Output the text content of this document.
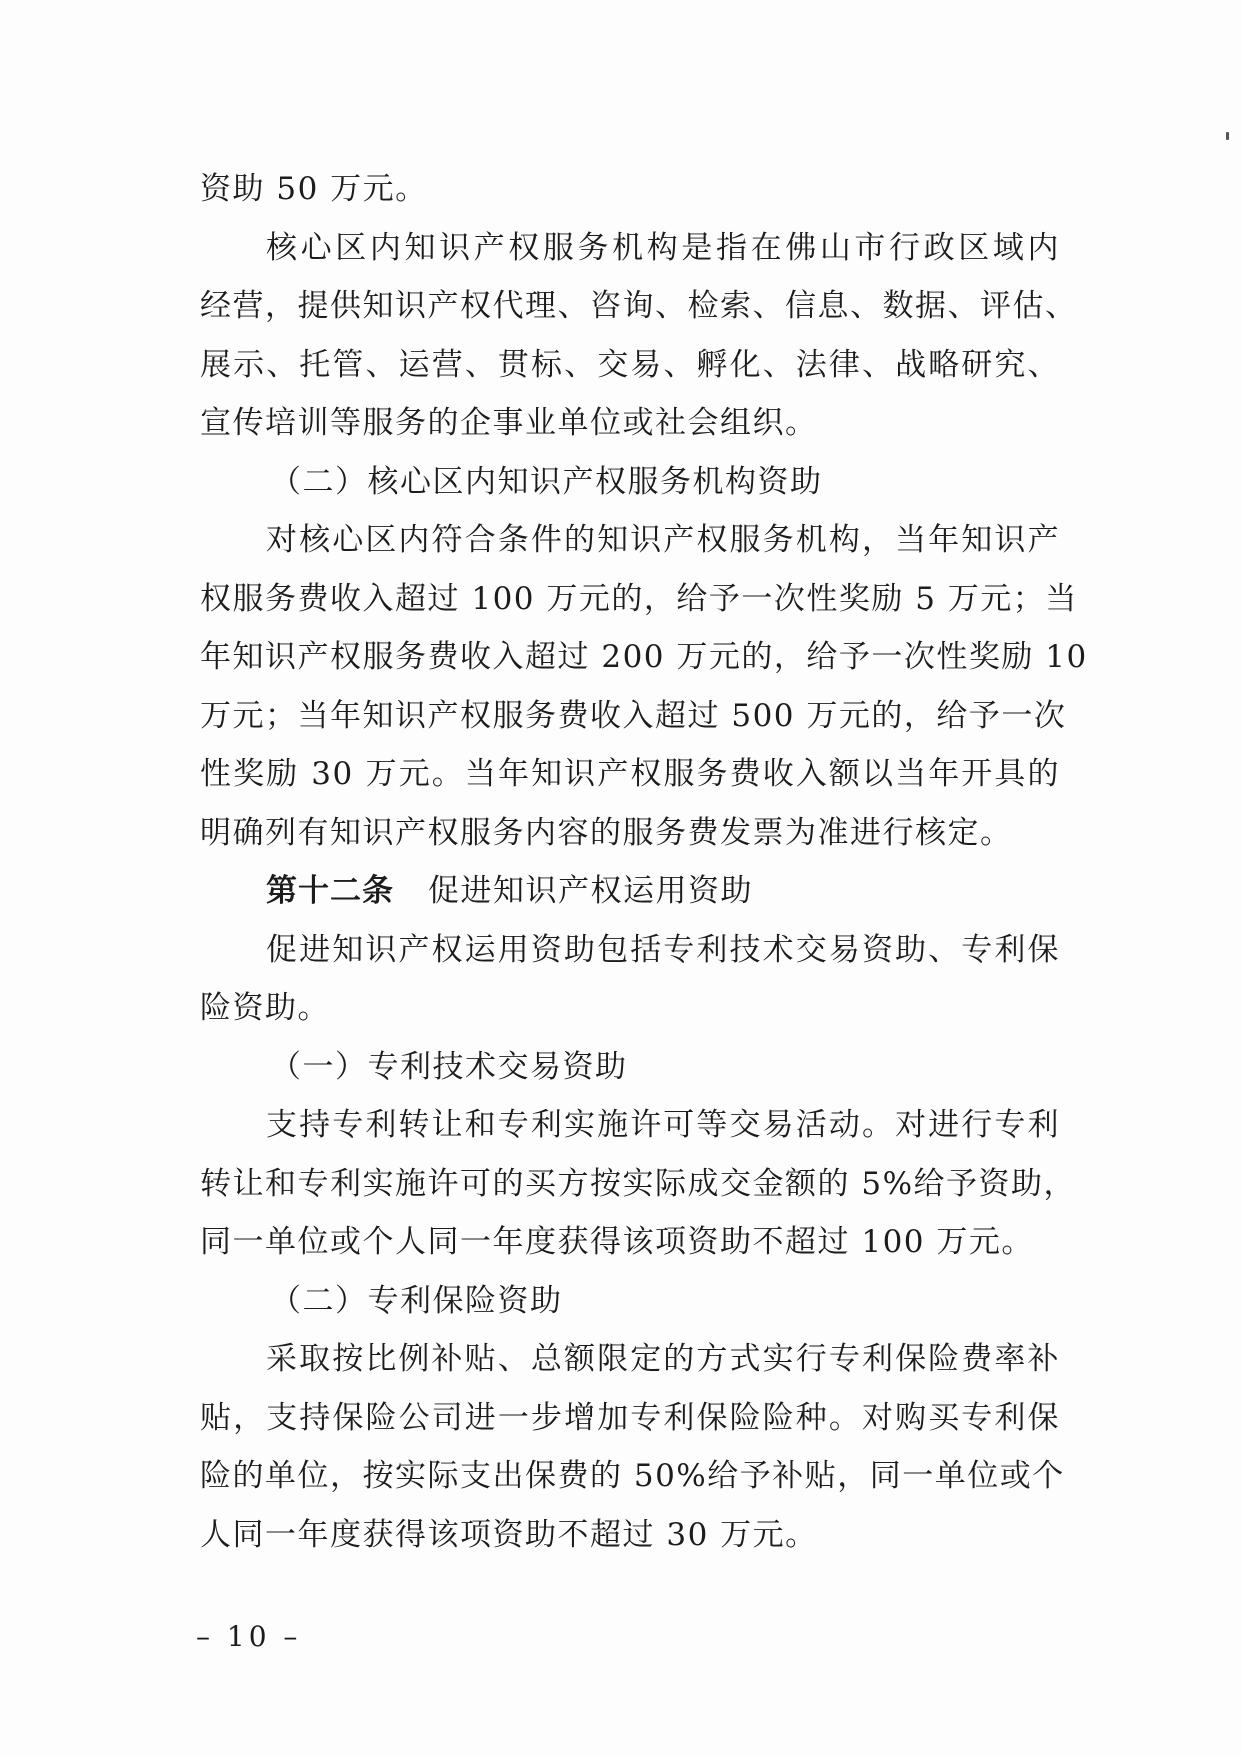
资助 50 万元。
核心区内知识产权服务机构是指在佛山市行政区域内
经营，提供知识产权代理、咨询、检索、信息、数据、评估、
展示、托管、运营、贯标、交易、孵化、法律、战略研究、
宣传培训等服务的企事业单位或社会组织。
（二）核心区内知识产权服务机构资助
对核心区内符合条件的知识产权服务机构，当年知识产
权服务费收入超过 100 万元的，给予一次性奖励 5 万元；当
年知识产权服务费收入超过 200 万元的，给予一次性奖励 10
万元；当年知识产权服务费收入超过 500 万元的，给予一次
性奖励 30 万元。当年知识产权服务费收入额以当年开具的
明确列有知识产权服务内容的服务费发票为准进行核定。
第十二条 促进知识产权运用资助
促进知识产权运用资助包括专利技术交易资助、专利保
险资助。
（一）专利技术交易资助
支持专利转让和专利实施许可等交易活动。对进行专利
转让和专利实施许可的买方按实际成交金额的 5%给予资助，
同一单位或个人同一年度获得该项资助不超过 100 万元。
（二）专利保险资助
采取按比例补贴、总额限定的方式实行专利保险费率补
贴，支持保险公司进一步增加专利保险险种。对购买专利保
险的单位，按实际支出保费的 50%给予补贴，同一单位或个
人同一年度获得该项资助不超过 30 万元。
– 10 –
